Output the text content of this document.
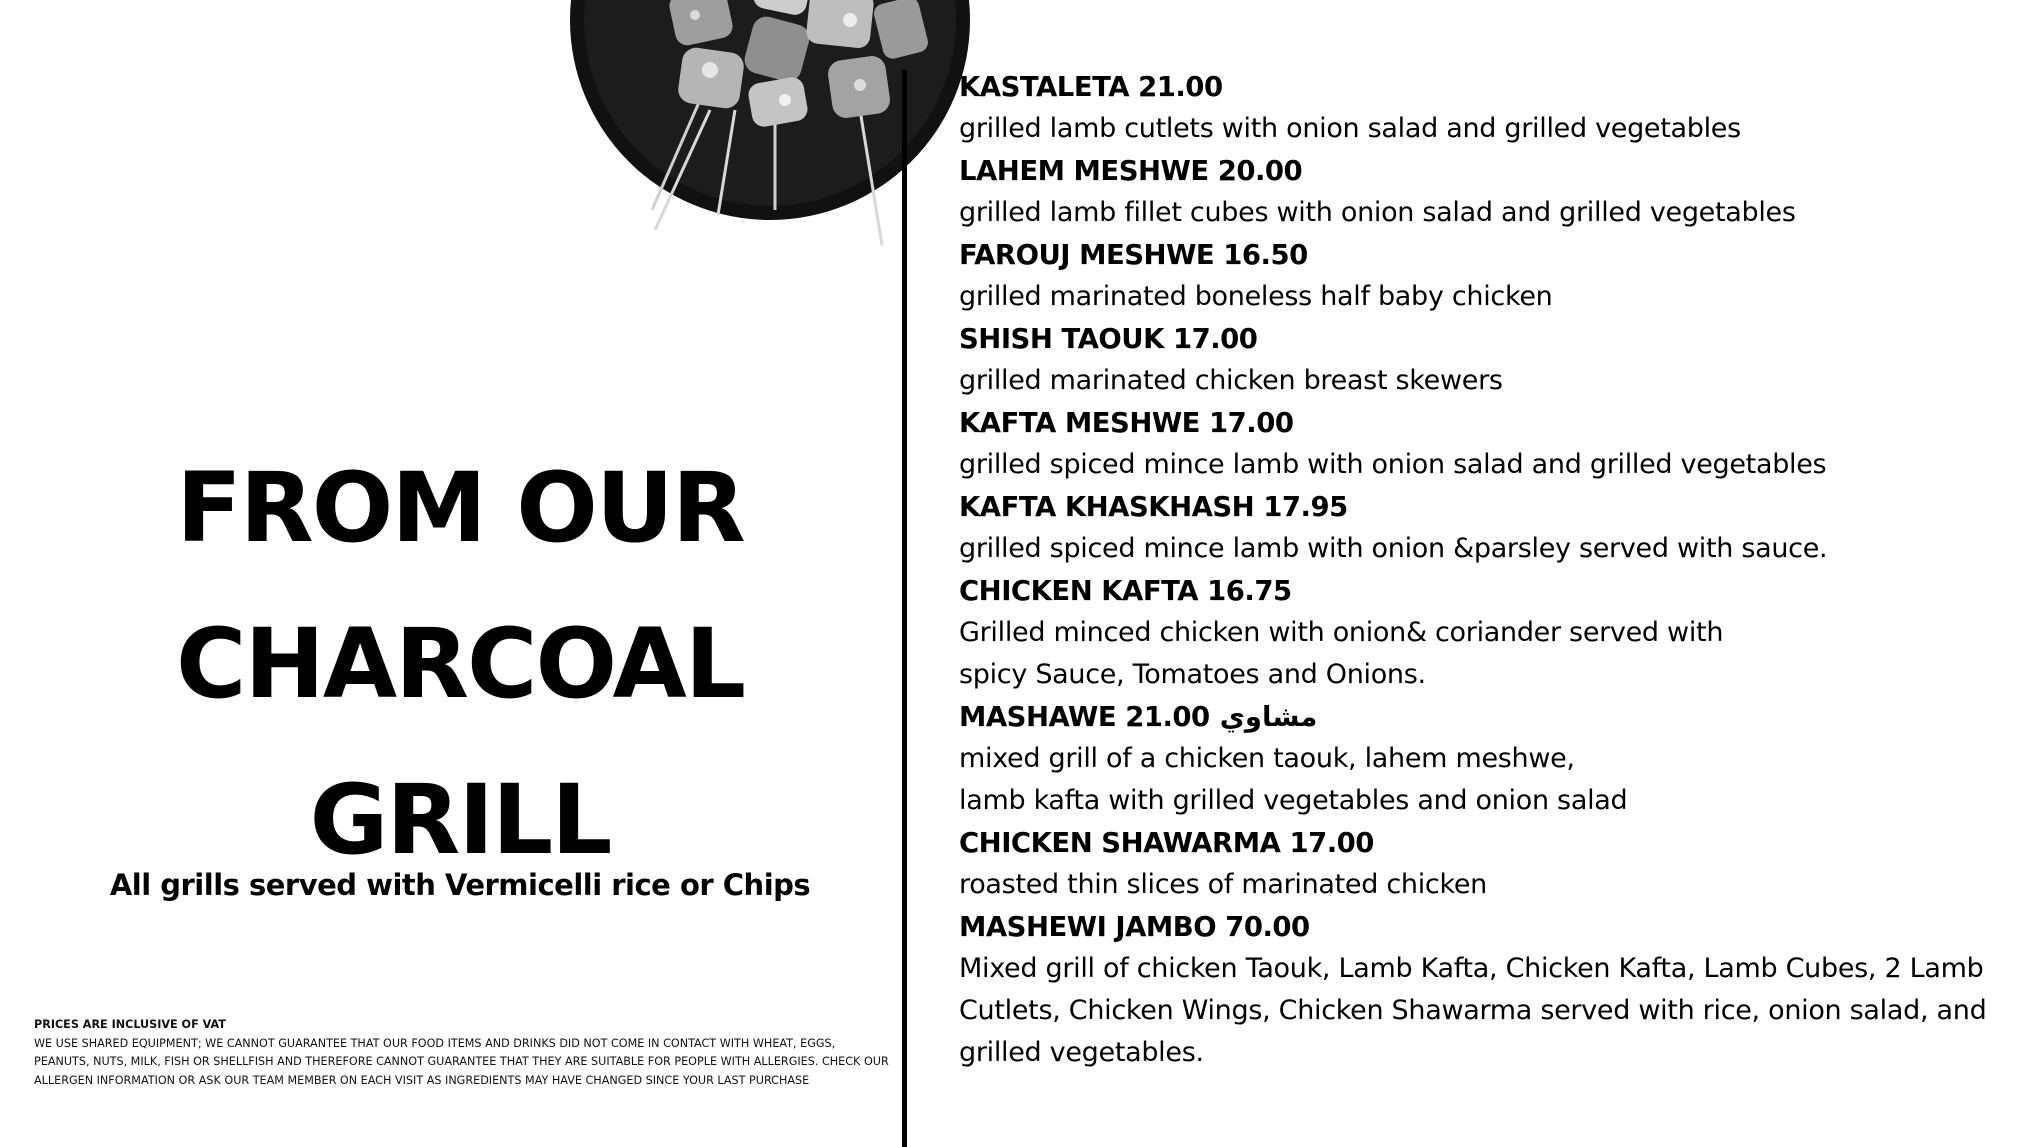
FROM OUR
CHARCOAL
GRILL
All grills served with Vermicelli rice or Chips
PRICES ARE INCLUSIVE OF VAT
WE USE SHARED EQUIPMENT; WE CANNOT GUARANTEE THAT OUR FOOD ITEMS AND DRINKS DID NOT COME IN CONTACT WITH WHEAT, EGGS, PEANUTS, NUTS, MILK, FISH OR SHELLFISH AND THEREFORE CANNOT GUARANTEE THAT THEY ARE SUITABLE FOR PEOPLE WITH ALLERGIES. CHECK OUR ALLERGEN INFORMATION OR ASK OUR TEAM MEMBER ON EACH VISIT AS INGREDIENTS MAY HAVE CHANGED SINCE YOUR LAST PURCHASE
KASTALETA 21.00
grilled lamb cutlets with onion salad and grilled vegetables
LAHEM MESHWE 20.00
grilled lamb fillet cubes with onion salad and grilled vegetables
FAROUJ MESHWE 16.50
grilled marinated boneless half baby chicken
SHISH TAOUK 17.00
grilled marinated chicken breast skewers
KAFTA MESHWE 17.00
grilled spiced mince lamb with onion salad and grilled vegetables
KAFTA KHASKHASH 17.95
grilled spiced mince lamb with onion &parsley served with sauce.
CHICKEN KAFTA 16.75
Grilled minced chicken with onion& coriander served with
spicy Sauce, Tomatoes and Onions.
MASHAWE 21.00 مشاوي
mixed grill of a chicken taouk, lahem meshwe,
lamb kafta with grilled vegetables and onion salad
CHICKEN SHAWARMA 17.00
roasted thin slices of marinated chicken
MASHEWI JAMBO 70.00
Mixed grill of chicken Taouk, Lamb Kafta, Chicken Kafta, Lamb Cubes, 2 Lamb
Cutlets, Chicken Wings, Chicken Shawarma served with rice, onion salad, and
grilled vegetables.
